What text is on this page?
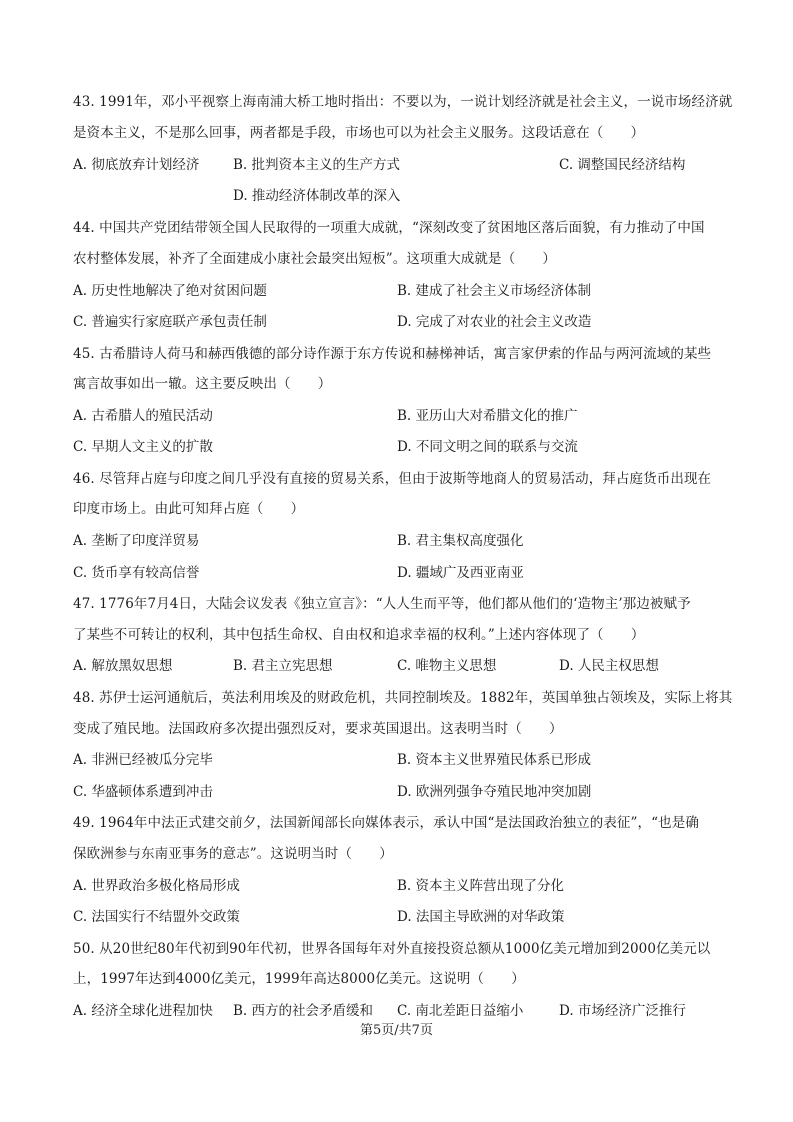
43. 1991年，邓小平视察上海南浦大桥工地时指出：不要以为，一说计划经济就是社会主义，一说市场经济就
是资本主义，不是那么回事，两者都是手段，市场也可以为社会主义服务。这段话意在（　　）
A. 彻底放弃计划经济 B. 批判资本主义的生产方式	C. 调整国民经济结构
D. 推动经济体制改革的深入
44. 中国共产党团结带领全国人民取得的一项重大成就，“深刻改变了贫困地区落后面貌，有力推动了中国
农村整体发展，补齐了全面建成小康社会最突出短板”。这项重大成就是（　　）
A. 历史性地解决了绝对贫困问题	B. 建成了社会主义市场经济体制
C. 普遍实行家庭联产承包责任制	D. 完成了对农业的社会主义改造
45. 古希腊诗人荷马和赫西俄德的部分诗作源于东方传说和赫梯神话，寓言家伊索的作品与两河流域的某些
寓言故事如出一辙。这主要反映出（　　）
A. 古希腊人的殖民活动	B. 亚历山大对希腊文化的推广
C. 早期人文主义的扩散	D. 不同文明之间的联系与交流
46. 尽管拜占庭与印度之间几乎没有直接的贸易关系，但由于波斯等地商人的贸易活动，拜占庭货币出现在
印度市场上。由此可知拜占庭（　　）
A. 垄断了印度洋贸易	B. 君主集权高度强化
C. 货币享有较高信誉	D. 疆域广及西亚南亚
47. 1776年7月4日，大陆会议发表《独立宣言》：“人人生而平等，他们都从他们的‘造物主’那边被赋予
了某些不可转让的权利，其中包括生命权、自由权和追求幸福的权利。”上述内容体现了（　　）
A. 解放黑奴思想	B. 君主立宪思想	C. 唯物主义思想	D. 人民主权思想
48. 苏伊士运河通航后，英法利用埃及的财政危机，共同控制埃及。1882年，英国单独占领埃及，实际上将其
变成了殖民地。法国政府多次提出强烈反对，要求英国退出。这表明当时（　　）
A. 非洲已经被瓜分完毕	B. 资本主义世界殖民体系已形成
C. 华盛顿体系遭到冲击	D. 欧洲列强争夺殖民地冲突加剧
49. 1964年中法正式建交前夕，法国新闻部长向媒体表示，承认中国“是法国政治独立的表征”，“也是确
保欧洲参与东南亚事务的意志”。这说明当时（　　）
A. 世界政治多极化格局形成	B. 资本主义阵营出现了分化
C. 法国实行不结盟外交政策	D. 法国主导欧洲的对华政策
50. 从20世纪80年代初到90年代初，世界各国每年对外直接投资总额从1000亿美元增加到2000亿美元以
上，1997年达到4000亿美元，1999年高达8000亿美元。这说明（　　）
A. 经济全球化进程加快 B. 西方的社会矛盾缓和 C. 南北差距日益缩小	D. 市场经济广泛推行
第5页/共7页
